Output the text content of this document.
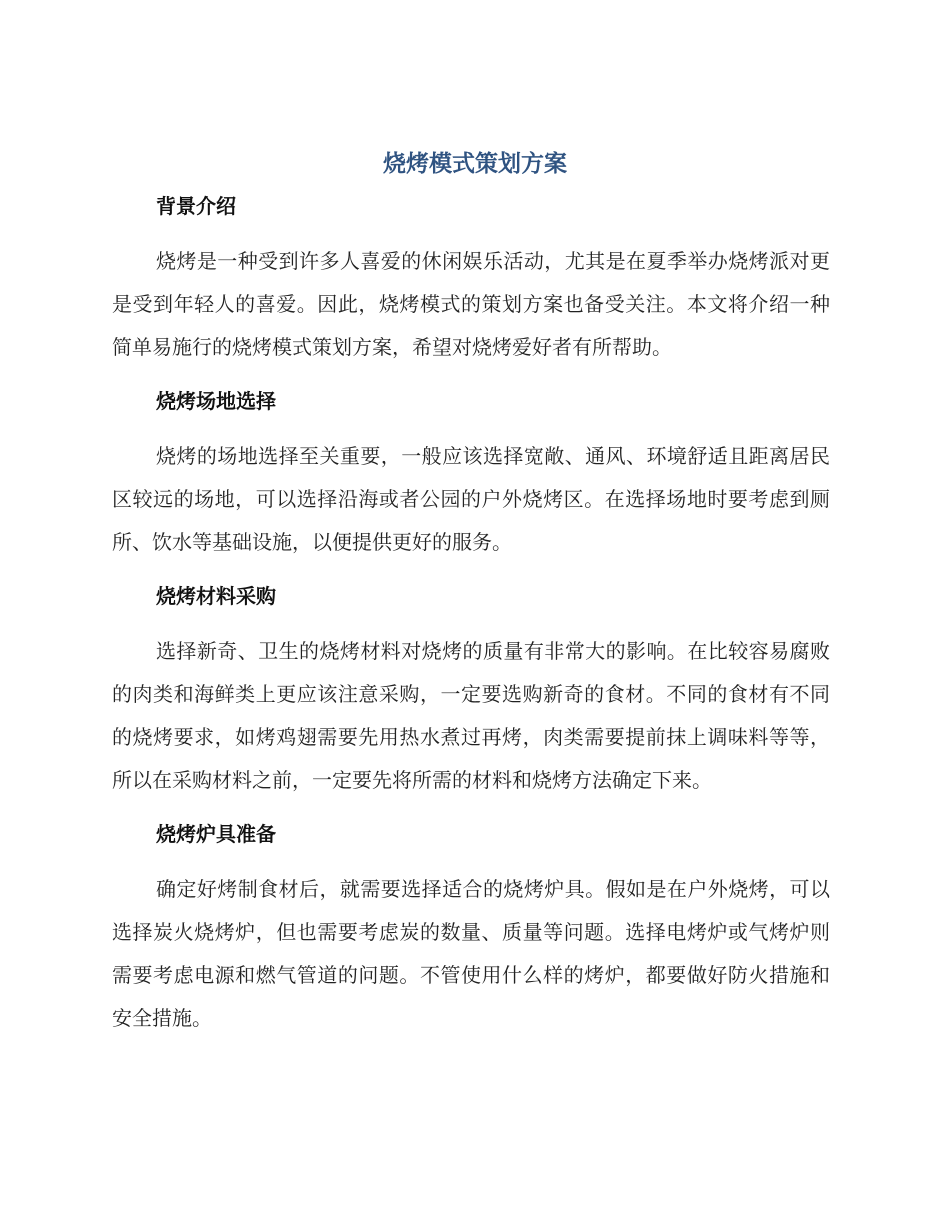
烧烤模式策划方案
背景介绍

烧烤是一种受到许多人喜爱的休闲娱乐活动，尤其是在夏季举办烧烤派对更是受到年轻人的喜爱。因此，烧烤模式的策划方案也备受关注。本文将介绍一种简单易施行的烧烤模式策划方案，希望对烧烤爱好者有所帮助。

烧烤场地选择

烧烤的场地选择至关重要，一般应该选择宽敞、通风、环境舒适且距离居民区较远的场地，可以选择沿海或者公园的户外烧烤区。在选择场地时要考虑到厕所、饮水等基础设施，以便提供更好的服务。

烧烤材料采购

选择新奇、卫生的烧烤材料对烧烤的质量有非常大的影响。在比较容易腐败的肉类和海鲜类上更应该注意采购，一定要选购新奇的食材。不同的食材有不同的烧烤要求，如烤鸡翅需要先用热水煮过再烤，肉类需要提前抹上调味料等等，所以在采购材料之前，一定要先将所需的材料和烧烤方法确定下来。

烧烤炉具准备

确定好烤制食材后，就需要选择适合的烧烤炉具。假如是在户外烧烤，可以选择炭火烧烤炉，但也需要考虑炭的数量、质量等问题。选择电烤炉或气烤炉则需要考虑电源和燃气管道的问题。不管使用什么样的烤炉，都要做好防火措施和安全措施。
